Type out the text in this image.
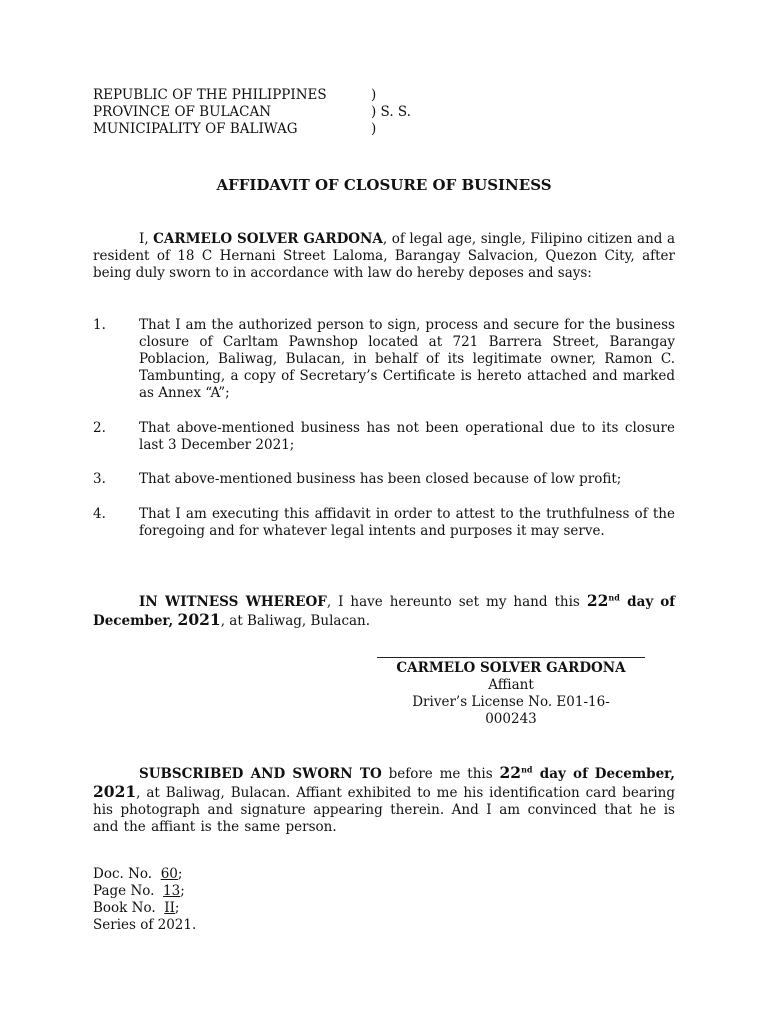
REPUBLIC OF THE PHILIPPINES	)
PROVINCE OF BULACAN	) S. S.
MUNICIPALITY OF BALIWAG	)
AFFIDAVIT OF CLOSURE OF BUSINESS
I, CARMELO SOLVER GARDONA, of legal age, single, Filipino citizen and a resident of 18 C Hernani Street Laloma, Barangay Salvacion, Quezon City, after being duly sworn to in accordance with law do hereby deposes and says:
1. That I am the authorized person to sign, process and secure for the business closure of Carltam Pawnshop located at 721 Barrera Street, Barangay Poblacion, Baliwag, Bulacan, in behalf of its legitimate owner, Ramon C. Tambunting, a copy of Secretary’s Certificate is hereto attached and marked as Annex “A”;
2. That above-mentioned business has not been operational due to its closure last 3 December 2021;
3. That above-mentioned business has been closed because of low profit;
4. That I am executing this affidavit in order to attest to the truthfulness of the foregoing and for whatever legal intents and purposes it may serve.
IN WITNESS WHEREOF, I have hereunto set my hand this 22nd day of December, 2021, at Baliwag, Bulacan.
CARMELO SOLVER GARDONA
Affiant
Driver’s License No. E01-16-
000243
SUBSCRIBED AND SWORN TO before me this 22nd day of December, 2021, at Baliwag, Bulacan. Affiant exhibited to me his identification card bearing his photograph and signature appearing therein. And I am convinced that he is and the affiant is the same person.
Doc. No. 60;
Page No. 13;
Book No. II;
Series of 2021.
